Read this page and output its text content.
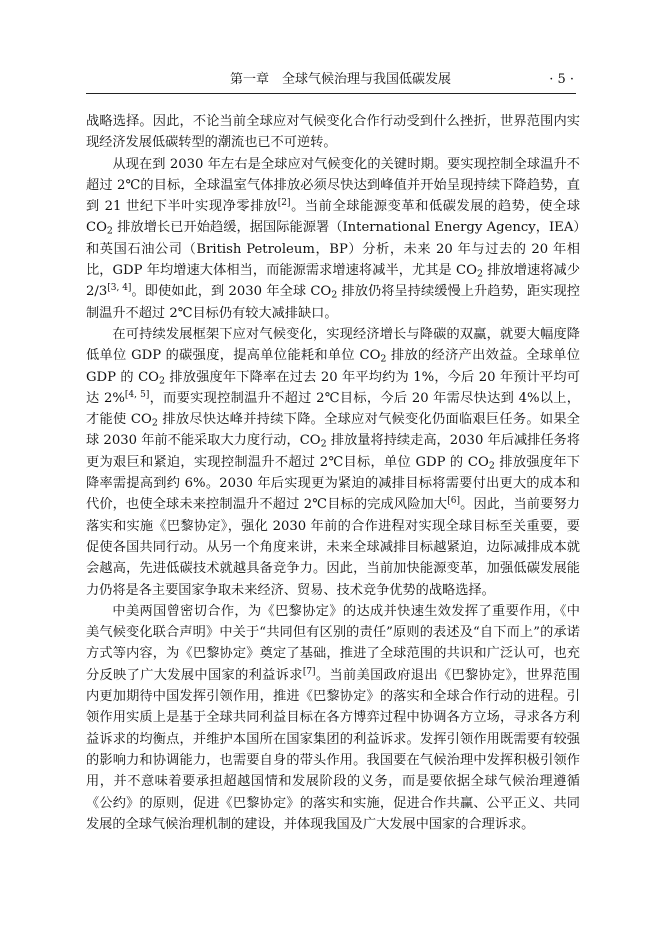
第一章　全球气候治理与我国低碳发展	· 5 ·

战略选择。因此，不论当前全球应对气候变化合作行动受到什么挫折，世界范围内实现经济发展低碳转型的潮流也已不可逆转。

从现在到 2030 年左右是全球应对气候变化的关键时期。要实现控制全球温升不超过 2℃的目标，全球温室气体排放必须尽快达到峰值并开始呈现持续下降趋势，直到 21 世纪下半叶实现净零排放[2]。当前全球能源变革和低碳发展的趋势，使全球 $CO_2$ 排放增长已开始趋缓，据国际能源署（International Energy Agency，IEA）和英国石油公司（British Petroleum，BP）分析，未来 20 年与过去的 20 年相比，GDP 年均增速大体相当，而能源需求增速将减半，尤其是 $CO_2$ 排放增速将减少 2/3[3, 4]。即使如此，到 2030 年全球 $CO_2$ 排放仍将呈持续缓慢上升趋势，距实现控制温升不超过 2℃目标仍有较大减排缺口。

在可持续发展框架下应对气候变化，实现经济增长与降碳的双赢，就要大幅度降低单位 GDP 的碳强度，提高单位能耗和单位 $CO_2$ 排放的经济产出效益。全球单位 GDP 的 $CO_2$ 排放强度年下降率在过去 20 年平均约为 1%，今后 20 年预计平均可达 2%[4, 5]，而要实现控制温升不超过 2℃目标，今后 20 年需尽快达到 4%以上，才能使 $CO_2$ 排放尽快达峰并持续下降。全球应对气候变化仍面临艰巨任务。如果全球 2030 年前不能采取大力度行动，$CO_2$ 排放量将持续走高，2030 年后减排任务将更为艰巨和紧迫，实现控制温升不超过 2℃目标，单位 GDP 的 $CO_2$ 排放强度年下降率需提高到约 6%。2030 年后实现更为紧迫的减排目标将需要付出更大的成本和代价，也使全球未来控制温升不超过 2℃目标的完成风险加大[6]。因此，当前要努力落实和实施《巴黎协定》，强化 2030 年前的合作进程对实现全球目标至关重要，要促使各国共同行动。从另一个角度来讲，未来全球减排目标越紧迫，边际减排成本就会越高，先进低碳技术就越具备竞争力。因此，当前加快能源变革，加强低碳发展能力仍将是各主要国家争取未来经济、贸易、技术竞争优势的战略选择。

中美两国曾密切合作，为《巴黎协定》的达成并快速生效发挥了重要作用，《中美气候变化联合声明》中关于“共同但有区别的责任”原则的表述及“自下而上”的承诺方式等内容，为《巴黎协定》奠定了基础，推进了全球范围的共识和广泛认可，也充分反映了广大发展中国家的利益诉求[7]。当前美国政府退出《巴黎协定》，世界范围内更加期待中国发挥引领作用，推进《巴黎协定》的落实和全球合作行动的进程。引领作用实质上是基于全球共同利益目标在各方博弈过程中协调各方立场，寻求各方利益诉求的均衡点，并维护本国所在国家集团的利益诉求。发挥引领作用既需要有较强的影响力和协调能力，也需要自身的带头作用。我国要在气候治理中发挥积极引领作用，并不意味着要承担超越国情和发展阶段的义务，而是要依据全球气候治理遵循《公约》的原则，促进《巴黎协定》的落实和实施，促进合作共赢、公平正义、共同发展的全球气候治理机制的建设，并体现我国及广大发展中国家的合理诉求。
